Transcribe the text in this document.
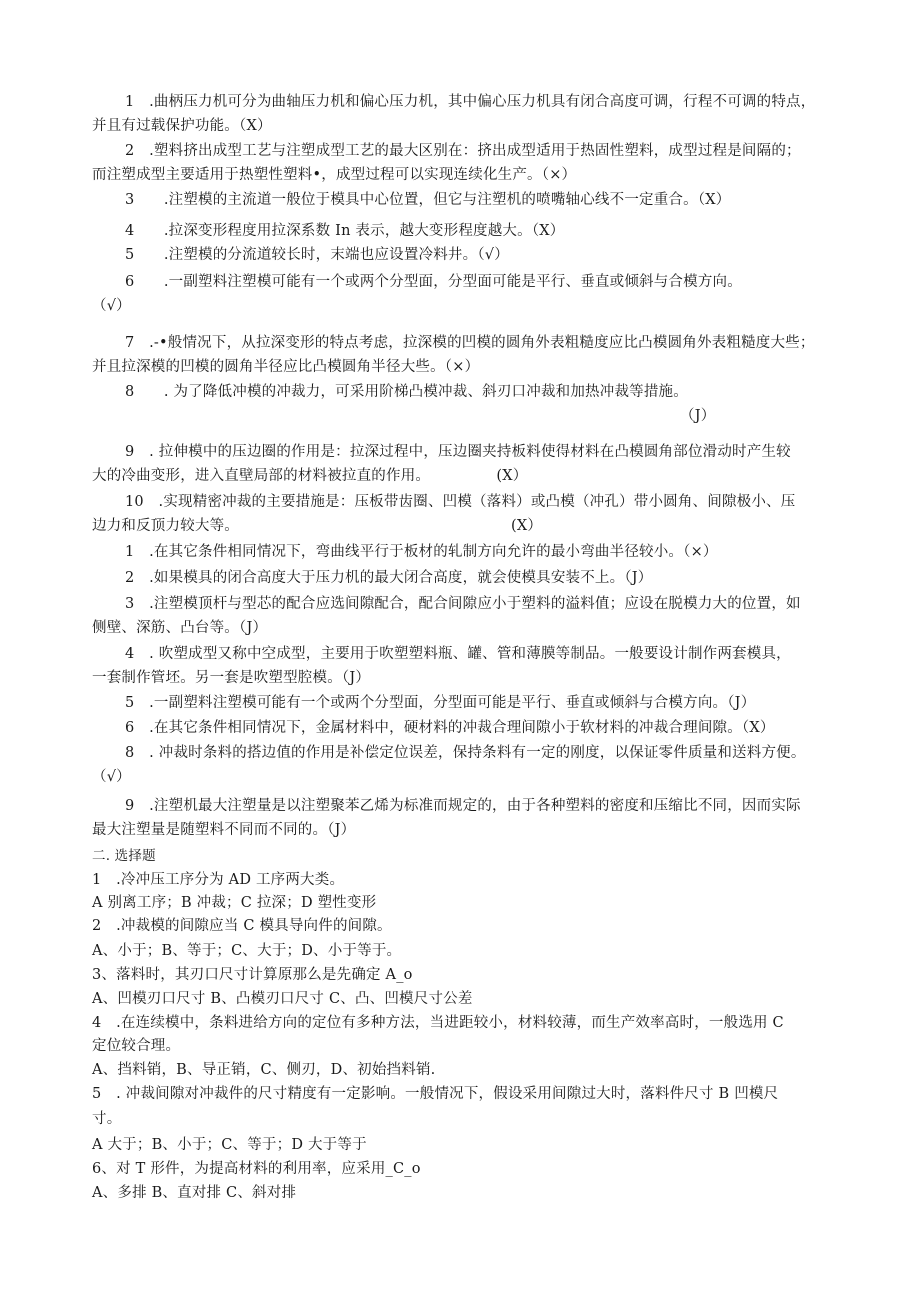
1　.曲柄压力机可分为曲轴压力机和偏心压力机，其中偏心压力机具有闭合高度可调，行程不可调的特点，
并且有过载保护功能。（X）
2　.塑料挤出成型工艺与注塑成型工艺的最大区别在：挤出成型适用于热固性塑料，成型过程是间隔的；
而注塑成型主要适用于热塑性塑料•，成型过程可以实现连续化生产。（×）
3　　.注塑模的主流道一般位于模具中心位置，但它与注塑机的喷嘴轴心线不一定重合。（X）
4　　.拉深变形程度用拉深系数 In 表示，越大变形程度越大。（X）
5　　.注塑模的分流道较长时，末端也应设置冷料井。（√）
6　　.一副塑料注塑模可能有一个或两个分型面，分型面可能是平行、垂直或倾斜与合模方向。
（√）
7　.-•般情况下，从拉深变形的特点考虑，拉深模的凹模的圆角外表粗糙度应比凸模圆角外表粗糙度大些；
并且拉深模的凹模的圆角半径应比凸模圆角半径大些。（×）
8　　. 为了降低冲模的冲裁力，可采用阶梯凸模冲裁、斜刃口冲裁和加热冲裁等措施。
（J）
9　. 拉伸模中的压边圈的作用是：拉深过程中，压边圈夹持板料使得材料在凸模圆角部位滑动时产生较
大的冷曲变形，进入直壁局部的材料被拉直的作用。　　　　　(X）
10　.实现精密冲裁的主要措施是：压板带齿圈、凹模（落料）或凸模（冲孔）带小圆角、间隙极小、压
边力和反顶力较大等。　　　　　　　　　　　　　　　　　　　(X）
1　.在其它条件相同情况下，弯曲线平行于板材的轧制方向允许的最小弯曲半径较小。（×）
2　.如果模具的闭合高度大于压力机的最大闭合高度，就会使模具安装不上。（J）
3　.注塑模顶杆与型芯的配合应选间隙配合，配合间隙应小于塑料的溢料值；应设在脱模力大的位置，如
侧壁、深筋、凸台等。（J）
4　. 吹塑成型又称中空成型，主要用于吹塑塑料瓶、罐、管和薄膜等制品。一般要设计制作两套模具，
一套制作管坯。另一套是吹塑型腔模。（J）
5　.一副塑料注塑模可能有一个或两个分型面，分型面可能是平行、垂直或倾斜与合模方向。（J）
6　.在其它条件相同情况下，金属材料中，硬材料的冲裁合理间隙小于软材料的冲裁合理间隙。（X）
8　. 冲裁时条料的搭边值的作用是补偿定位误差，保持条料有一定的刚度，以保证零件质量和送料方便。
（√）
9　.注塑机最大注塑量是以注塑聚苯乙烯为标准而规定的，由于各种塑料的密度和压缩比不同，因而实际
最大注塑量是随塑料不同而不同的。（J）
二. 选择题
1　.冷冲压工序分为 AD 工序两大类。
A 别离工序；B 冲裁；C 拉深；D 塑性变形
2　.冲裁模的间隙应当 C 模具导向件的间隙。
A、小于；B、等于；C、大于；D、小于等于。
3、落料时，其刃口尺寸计算原那么是先确定 A_o
A、凹模刃口尺寸 B、凸模刃口尺寸 C、凸、凹模尺寸公差
4　.在连续模中，条料进给方向的定位有多种方法，当进距较小，材料较薄，而生产效率高时，一般选用 C
定位较合理。
A、挡料销，B、导正销，C、侧刃，D、初始挡料销.
5　. 冲裁间隙对冲裁件的尺寸精度有一定影响。一般情况下，假设采用间隙过大时，落料件尺寸 B 凹模尺
寸。
A 大于；B、小于；C、等于；D 大于等于
6、对 T 形件，为提高材料的利用率，应采用_C_o
A、多排 B、直对排 C、斜对排
